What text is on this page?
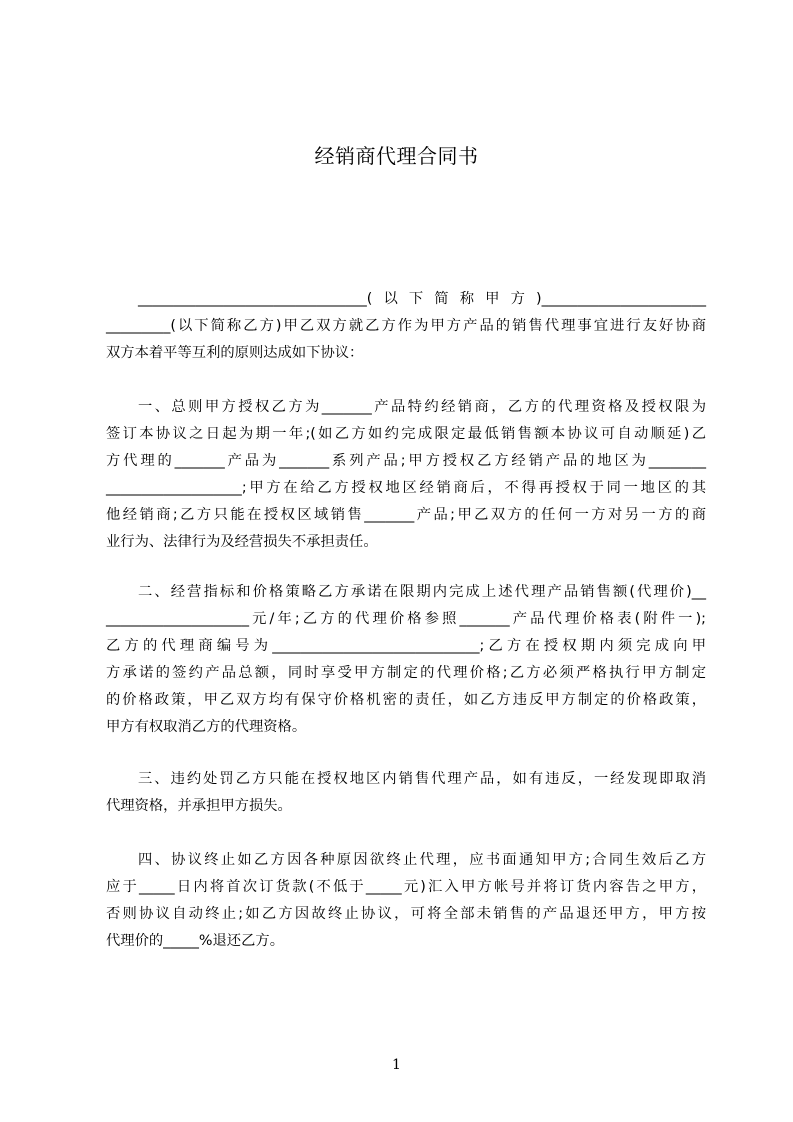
经销商代理合同书
________________________________(以下简称甲方)_______________________
_________(以下简称乙方)甲乙双方就乙方作为甲方产品的销售代理事宜进行友好协商
双方本着平等互利的原则达成如下协议：
一、总则甲方授权乙方为_______产品特约经销商，乙方的代理资格及授权限为
签订本协议之日起为期一年;(如乙方如约完成限定最低销售额本协议可自动顺延)乙
方代理的_______产品为_______系列产品;甲方授权乙方经销产品的地区为________
___________________;甲方在给乙方授权地区经销商后，不得再授权于同一地区的其
他经销商;乙方只能在授权区域销售_______产品;甲乙双方的任何一方对另一方的商
业行为、法律行为及经营损失不承担责任。
二、经营指标和价格策略乙方承诺在限期内完成上述代理产品销售额(代理价)__
____________________元/年;乙方的代理价格参照_______产品代理价格表(附件一);
乙方的代理商编号为_____________________________;乙方在授权期内须完成向甲
方承诺的签约产品总额，同时享受甲方制定的代理价格;乙方必须严格执行甲方制定
的价格政策，甲乙双方均有保守价格机密的责任，如乙方违反甲方制定的价格政策，
甲方有权取消乙方的代理资格。
三、违约处罚乙方只能在授权地区内销售代理产品，如有违反，一经发现即取消
代理资格，并承担甲方损失。
四、协议终止如乙方因各种原因欲终止代理，应书面通知甲方;合同生效后乙方
应于_____日内将首次订货款(不低于_____元)汇入甲方帐号并将订货内容告之甲方，
否则协议自动终止;如乙方因故终止协议，可将全部未销售的产品退还甲方，甲方按
代理价的_____%退还乙方。
1
